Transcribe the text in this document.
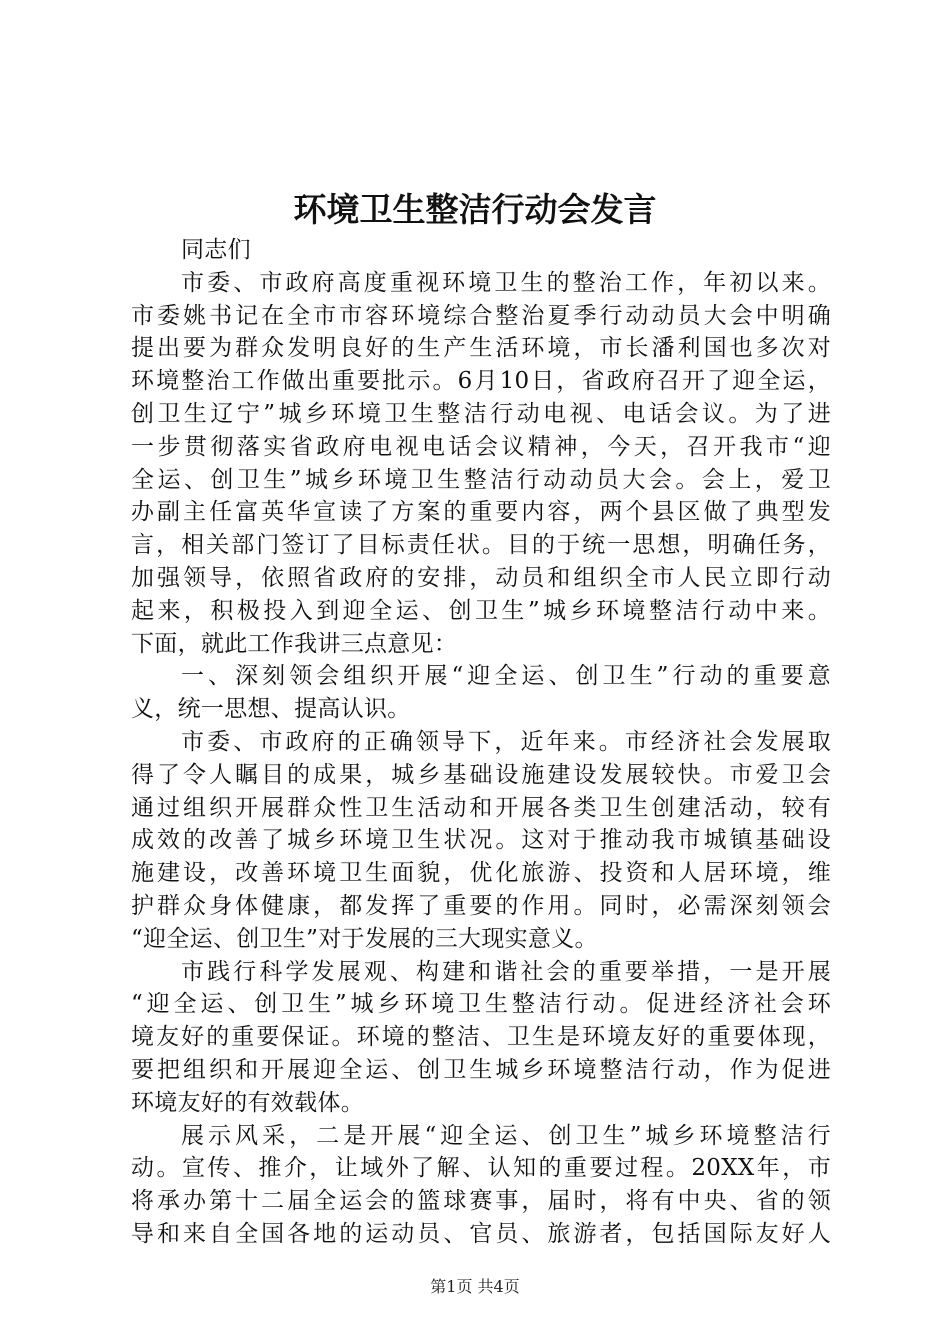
环境卫生整洁行动会发言
同志们
市委、市政府高度重视环境卫生的整治工作，年初以来。
市委姚书记在全市市容环境综合整治夏季行动动员大会中明确
提出要为群众发明良好的生产生活环境，市长潘利国也多次对
环境整治工作做出重要批示。6月10日，省政府召开了迎全运，
创卫生辽宁”城乡环境卫生整洁行动电视、电话会议。为了进
一步贯彻落实省政府电视电话会议精神，今天，召开我市“迎
全运、创卫生”城乡环境卫生整洁行动动员大会。会上，爱卫
办副主任富英华宣读了方案的重要内容，两个县区做了典型发
言，相关部门签订了目标责任状。目的于统一思想，明确任务，
加强领导，依照省政府的安排，动员和组织全市人民立即行动
起来，积极投入到迎全运、创卫生”城乡环境整洁行动中来。
下面，就此工作我讲三点意见：
一、深刻领会组织开展“迎全运、创卫生”行动的重要意
义，统一思想、提高认识。
市委、市政府的正确领导下，近年来。市经济社会发展取
得了令人瞩目的成果，城乡基础设施建设发展较快。市爱卫会
通过组织开展群众性卫生活动和开展各类卫生创建活动，较有
成效的改善了城乡环境卫生状况。这对于推动我市城镇基础设
施建设，改善环境卫生面貌，优化旅游、投资和人居环境，维
护群众身体健康，都发挥了重要的作用。同时，必需深刻领会
“迎全运、创卫生”对于发展的三大现实意义。
市践行科学发展观、构建和谐社会的重要举措，一是开展
“迎全运、创卫生”城乡环境卫生整洁行动。促进经济社会环
境友好的重要保证。环境的整洁、卫生是环境友好的重要体现，
要把组织和开展迎全运、创卫生城乡环境整洁行动，作为促进
环境友好的有效载体。
展示风采，二是开展“迎全运、创卫生”城乡环境整洁行
动。宣传、推介，让域外了解、认知的重要过程。20XX年，市
将承办第十二届全运会的篮球赛事，届时，将有中央、省的领
导和来自全国各地的运动员、官员、旅游者，包括国际友好人
第1页 共4页
